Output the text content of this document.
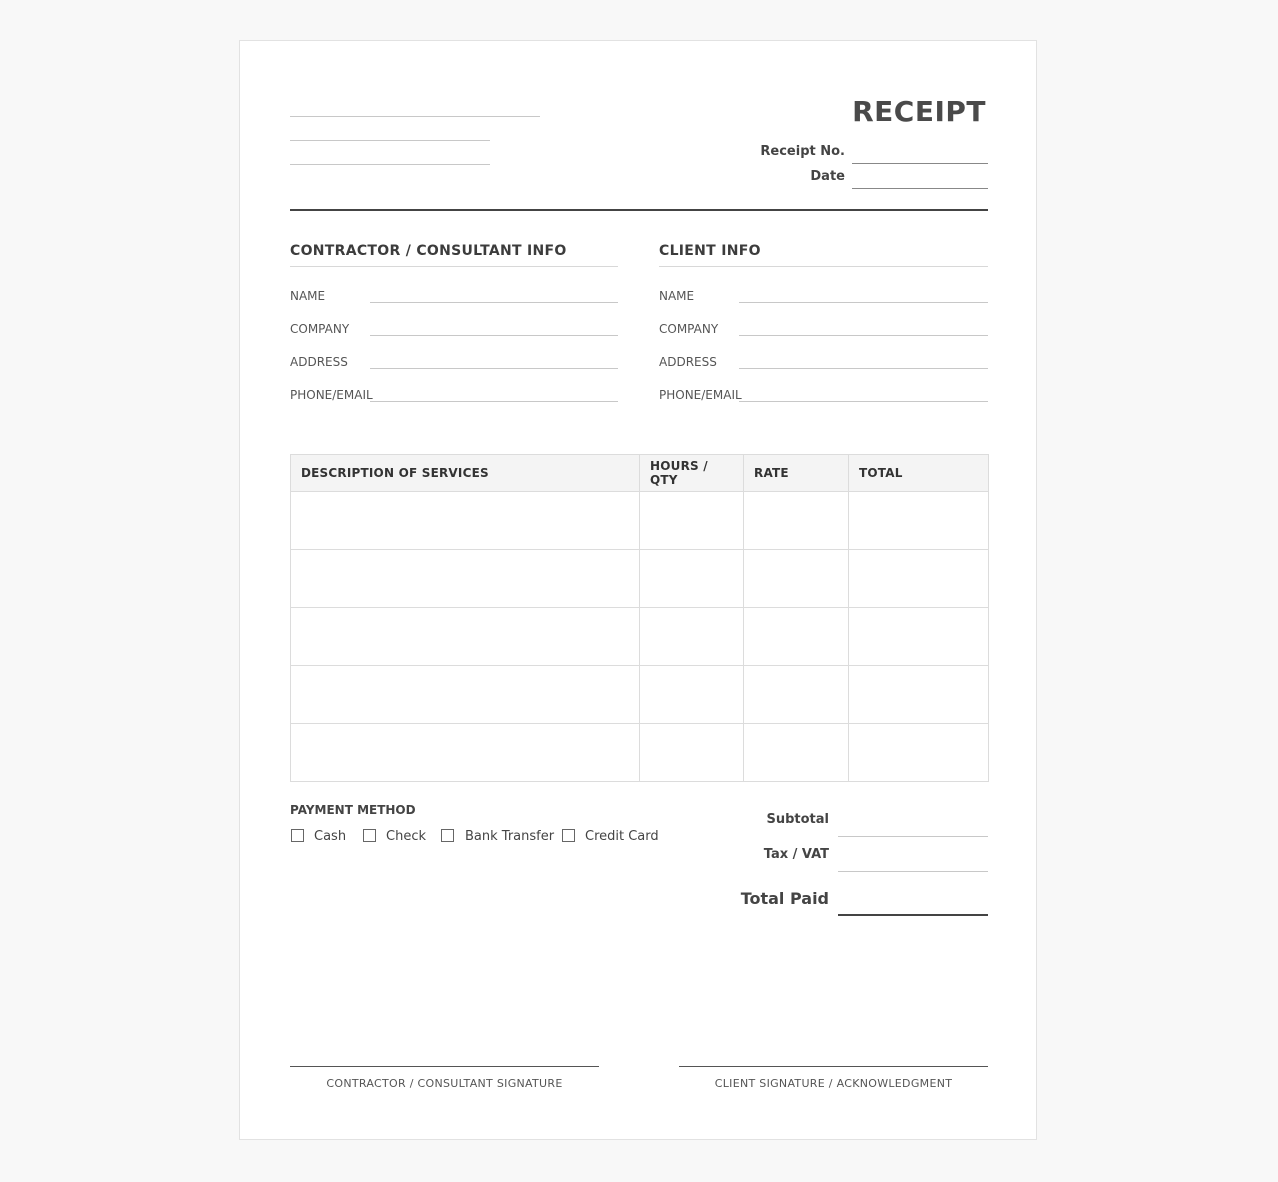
RECEIPT
Receipt No.
Date
CONTRACTOR / CONSULTANT INFO
NAME
COMPANY
ADDRESS
PHONE/EMAIL
CLIENT INFO
NAME
COMPANY
ADDRESS
PHONE/EMAIL
DESCRIPTION OF SERVICES	HOURS / QTY	RATE	TOTAL

PAYMENT METHOD
Cash	Check	Bank Transfer Credit Card
Subtotal
Tax / VAT
Total Paid
CONTRACTOR / CONSULTANT SIGNATURE	CLIENT SIGNATURE / ACKNOWLEDGMENT
